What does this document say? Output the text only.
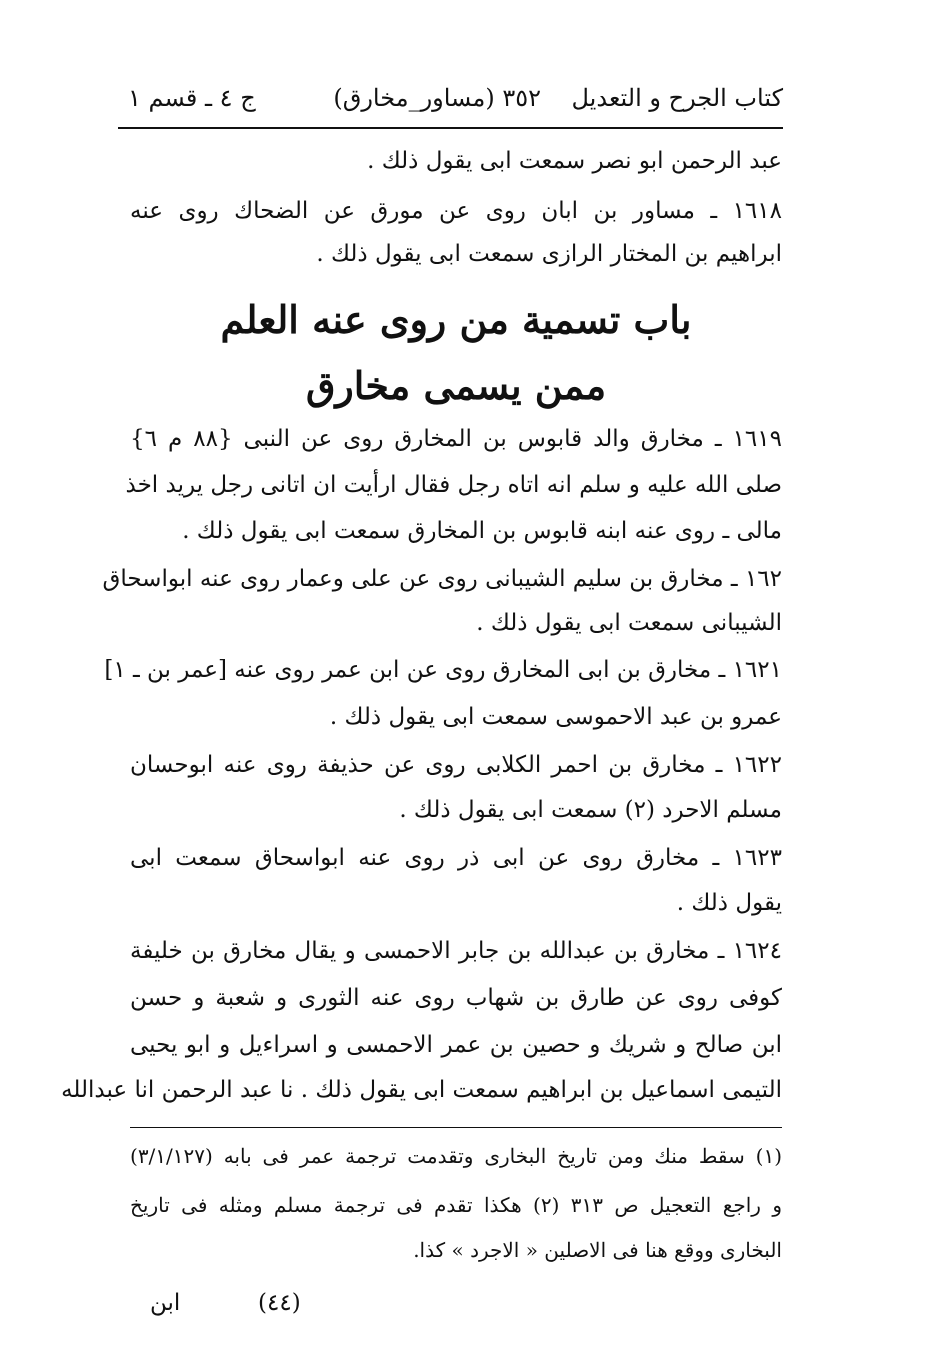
كتاب الجرح و التعديل
٣٥٢ (مساور_مخارق)
ج ٤ ـ قسم ١
عبد الرحمن ابو نصر سمعت ابى يقول ذلك .
١٦١٨ ـ مساور بن ابان روى عن مورق عن الضحاك روى عنه
ابراهيم بن المختار الرازى سمعت ابى يقول ذلك .
باب تسمية من روى عنه العلم
ممن يسمى مخارق
١٦١٩ ـ مخارق والد قابوس بن المخارق روى عن النبى {٨٨ م ٦}
صلى الله عليه و سلم انه اتاه رجل فقال ارأيت ان اتانى رجل يريد اخذ
مالى ـ روى عنه ابنه قابوس بن المخارق سمعت ابى يقول ذلك .
١٦٢ ـ مخارق بن سليم الشيبانى روى عن على وعمار روى عنه ابواسحاق
الشيبانى سمعت ابى يقول ذلك .
١٦٢١ ـ مخارق بن ابى المخارق روى عن ابن عمر روى عنه [عمر بن ـ ١]
عمرو بن عبد الاحموسى سمعت ابى يقول ذلك .
١٦٢٢ ـ مخارق بن احمر الكلابى روى عن حذيفة روى عنه ابوحسان
مسلم الاحرد (٢) سمعت ابى يقول ذلك .
١٦٢٣ ـ مخارق روى عن ابى ذر روى عنه ابواسحاق سمعت ابى
يقول ذلك .
١٦٢٤ ـ مخارق بن عبدالله بن جابر الاحمسى و يقال مخارق بن خليفة
كوفى روى عن طارق بن شهاب روى عنه الثورى و شعبة و حسن
ابن صالح و شريك و حصين بن عمر الاحمسى و اسراءيل و ابو يحيى
التيمى اسماعيل بن ابراهيم سمعت ابى يقول ذلك . نا عبد الرحمن انا عبدالله
(١) سقط منك ومن تاريخ البخارى وتقدمت ترجمة عمر فى بابه (٣/١/١٢٧)
و راجع التعجيل ص ٣١٣ (٢) هكذا تقدم فى ترجمة مسلم ومثله فى تاريخ
البخارى ووقع هنا فى الاصلين « الاجرد » كذا.
(٤٤)
ابن
